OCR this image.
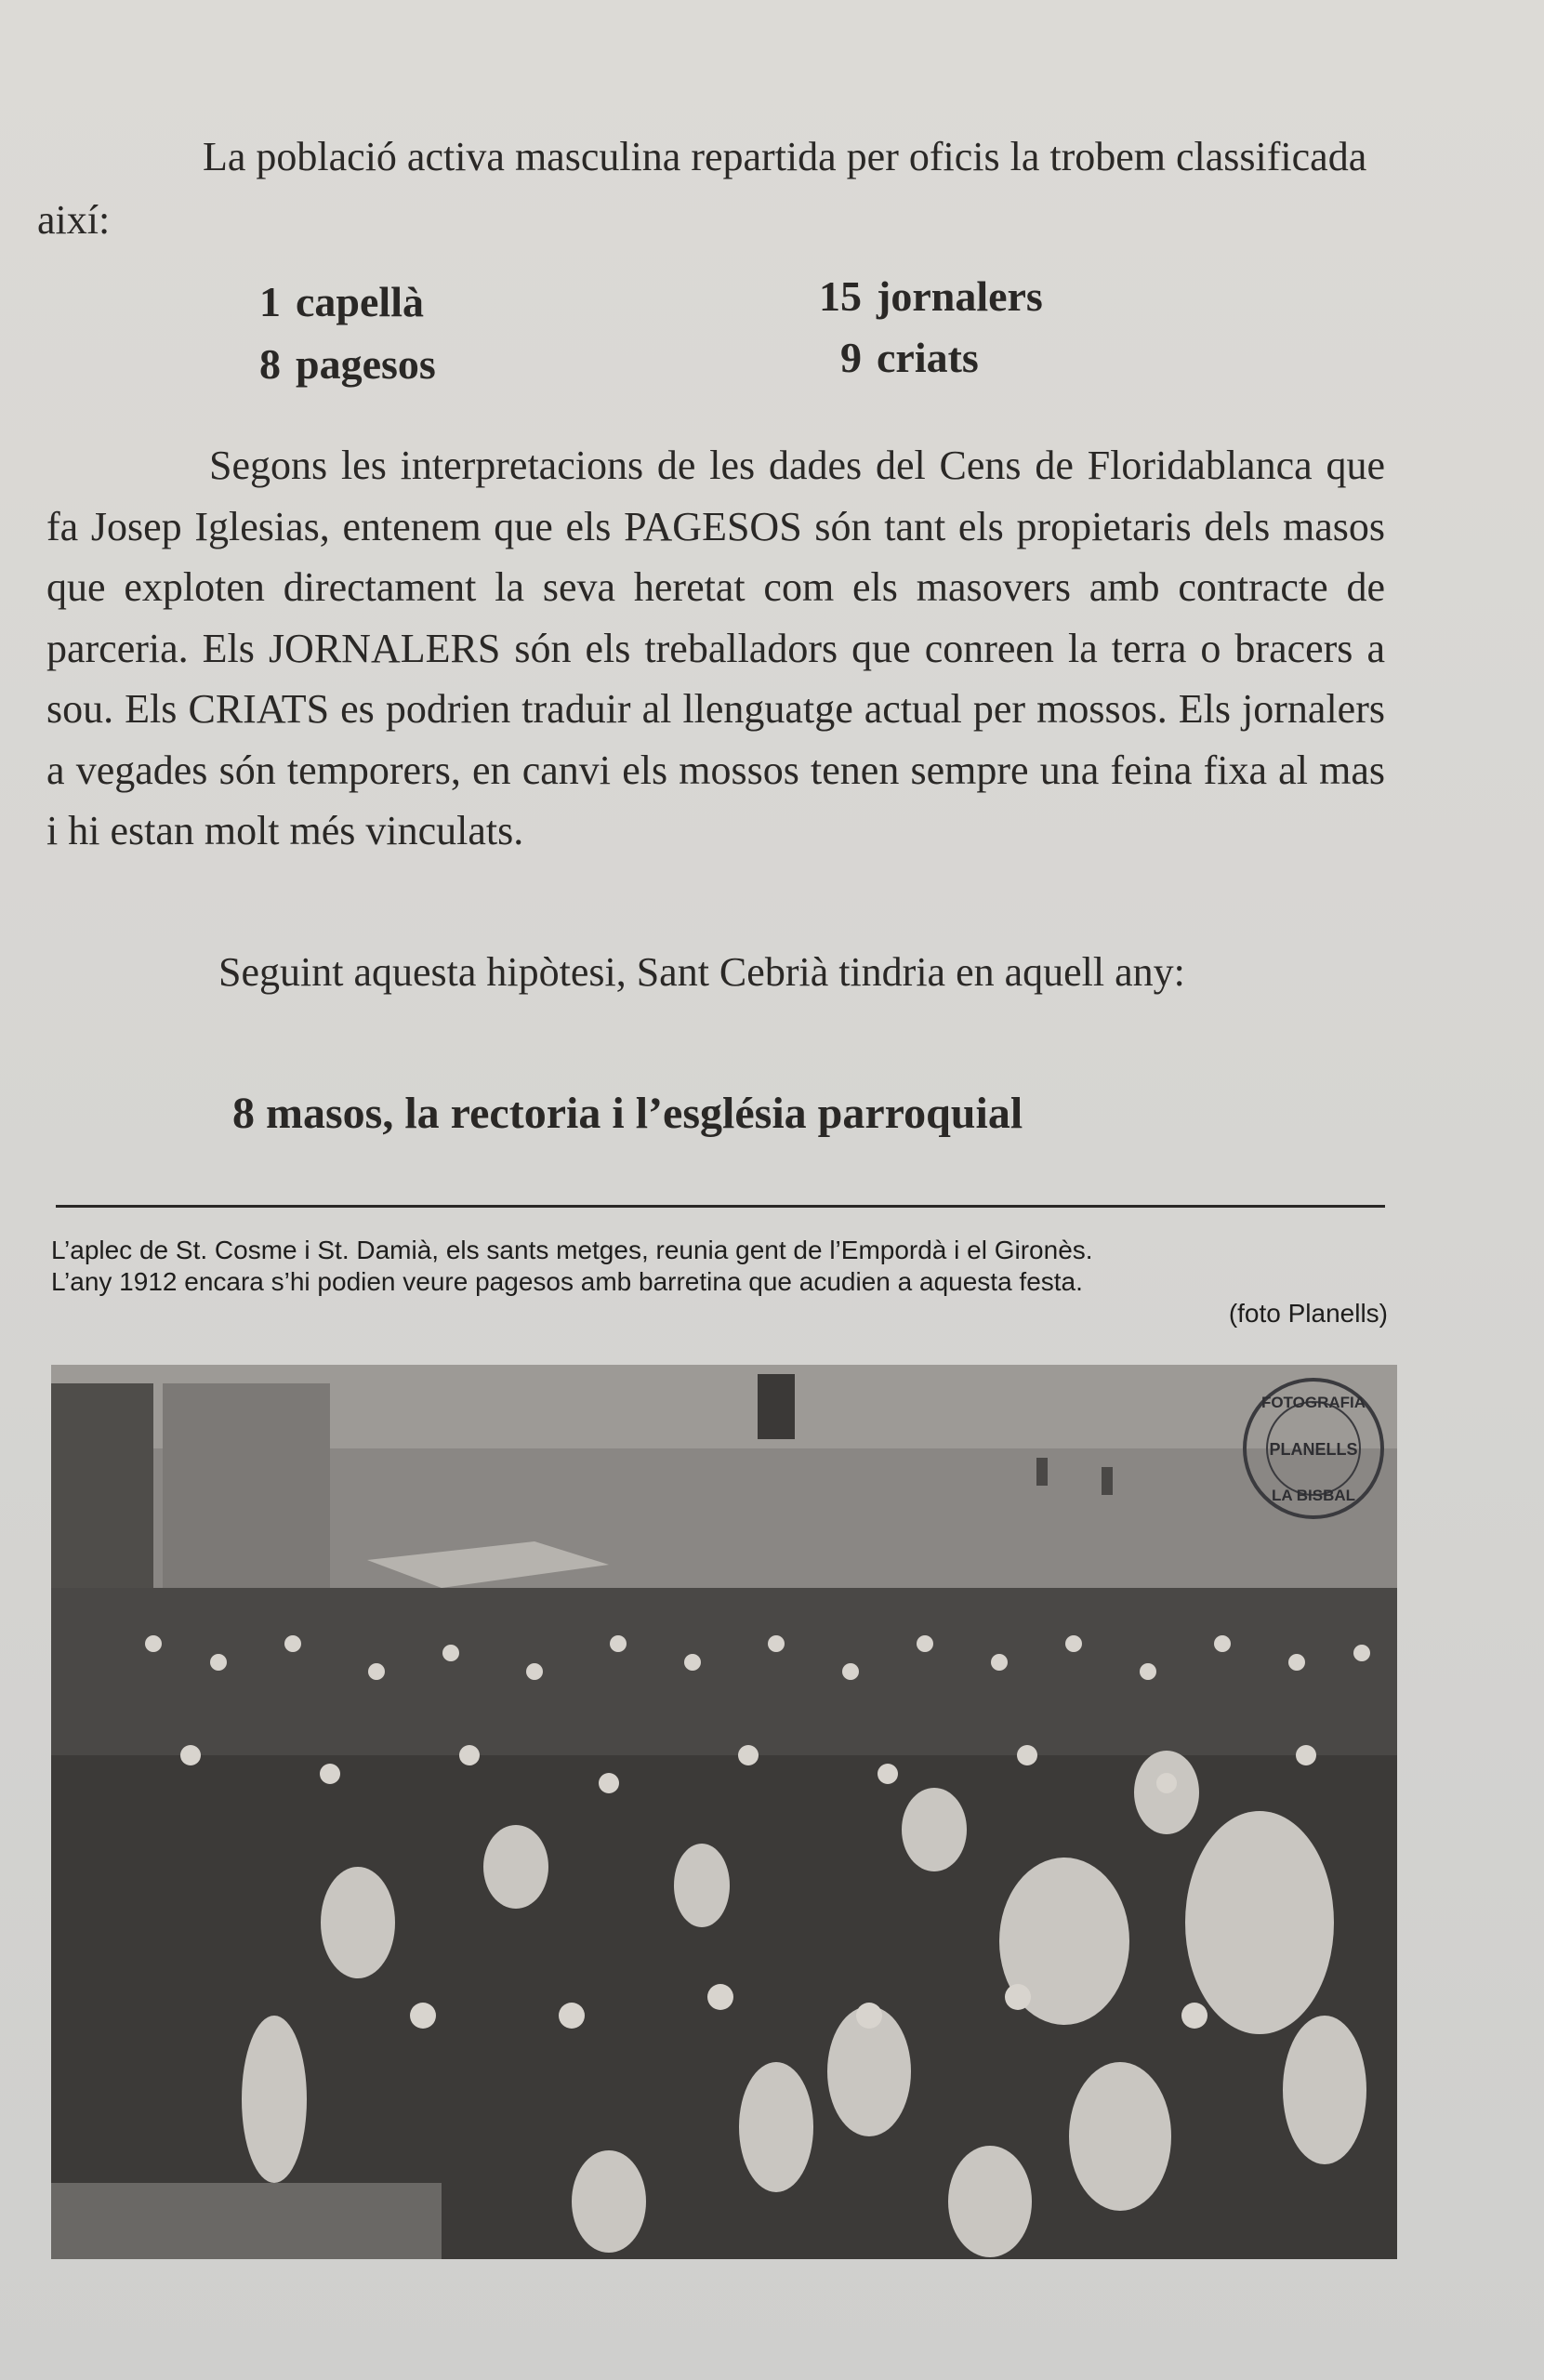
La població activa masculina repartida per oficis la trobem classificada així:

1 capellà
8 pagesos
15 jornalers
9 criats

Segons les interpretacions de les dades del Cens de Floridablanca que fa Josep Iglesias, entenem que els PAGESOS són tant els propietaris dels masos que exploten directament la seva heretat com els masovers amb contracte de parceria. Els JORNALERS són els treballadors que conreen la terra o bracers a sou. Els CRIATS es podrien traduir al llenguatge actual per mossos. Els jornalers a vegades són temporers, en canvi els mossos tenen sempre una feina fixa al mas i hi estan molt més vinculats.

Seguint aquesta hipòtesi, Sant Cebrià tindria en aquell any:

8 masos, la rectoria i l’església parroquial

L’aplec de St. Cosme i St. Damià, els sants metges, reunia gent de l’Empordà i el Gironès.
L’any 1912 encara s’hi podien veure pagesos amb barretina que acudien a aquesta festa.
(foto Planells)

FOTOGRAFIA
PLANELLS
LA BISBAL
